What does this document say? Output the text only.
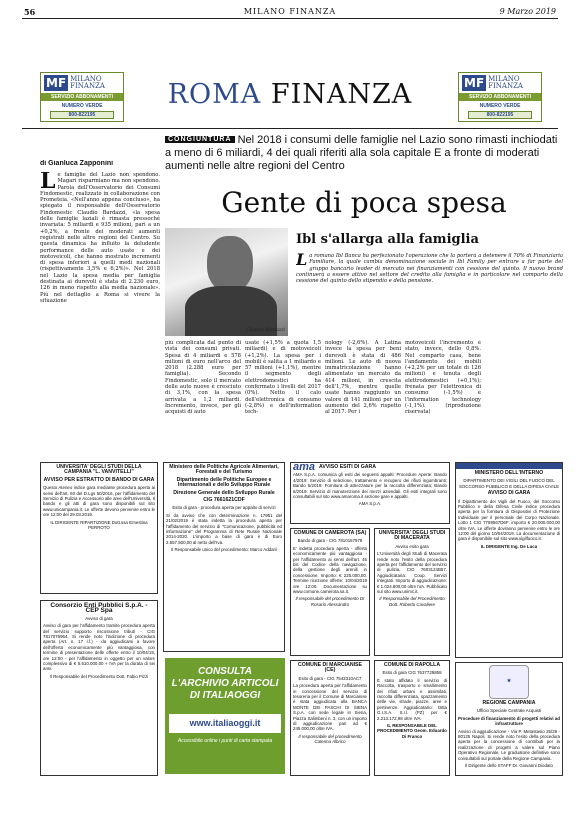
56	MILANO FINANZA	9 Marzo 2019
MF MILANO
FINANZA
SERVIZIO ABBONAMENTI
NUMERO VERDE
800-822195
MF MILANO
FINANZA
SERVIZIO ABBONAMENTI
NUMERO VERDE
800-822195
ROMA FINANZA
CONGIUNTURA Nel 2018 i consumi delle famiglie nel Lazio sono rimasti inchiodati a meno di 6 miliardi, 4 dei quali riferiti alla sola capitale E a fronte di moderati aumenti nelle altre regioni del Centro
Gente di poca spesa
di Gianluca Zapponini
Le famiglie del Lazio non spendono. Magari risparmiano ma non spendono. Parola dell'Osservatorio dei Consumi Findomestic, realizzato in collaborazione con Prometeia. «Nell'anno appena concluso», ha spiegato il responsabile dell'Osservatorio Findomestic Claudio Bardazzi, «la spesa delle famiglie laziali è rimasta pressoché invariata: 5 miliardi e 935 milioni, pari a un +0,2%, a fronte dei moderati aumenti registrati nelle altre regioni del Centro. Su questa dinamica ha influito la deludente performance delle auto usate e dei motoveicoli, che hanno mostrato incrementi di spesa inferiori a quelli medi nazionali (rispettivamente 3,5% e 6,2%)». Nel 2018 nel Lazio la spesa media per famiglia destinata ai durevoli è stata di 2.230 euro, 126 in meno rispetto alla media nazionale». Più nel dettaglio a Roma si vivere la situazione
Claudio Bardazzi
Ibl s'allarga alla famiglia
La romana Ibl Banca ha perfezionato l'operazione che la porterà a detenere il 70% di Finanziaria Familiare, la quale cambia denominazione sociale in Ibl Family per entrare a far parte del gruppo bancario leader di mercato nei finanziamenti con cessione del quinto. Il nuovo brand continuerà a essere attivo nel settore del credito alla famiglia e in particolare nel comparto della cessione del quinto dello stipendio e della pensione.
più complicata dal punto di vista dei consumi privati. Spesa di 4 miliardi e 578 milioni di euro nell'arco del 2018 (2.288 euro per famiglia). Secondo Findomestic, solo il mercato delle auto nuove è cresciuto di 3,1%, con la spesa arrivata a 1,2 miliardi. Incremento, invece, per gli acquisti di auto
usate (+1,5% a quota 1,5 miliardi) e di motoveicoli (+1,2%). La spesa per i mobili è salita a 1 miliardo e 57 milioni (+1,1%), mentre il segmento degli elettrodomestici ha confermato i livelli del 2017 (0%). Netto il calo dell'elettronica di consumo (-2,8%) e dell'information tech-
nology (-2,6%). A Latina invece la spesa per beni durevoli è stata di 486 milioni. Le auto di nuova immatricolazione hanno alimentato un mercato da 414 milioni, in crescita dell'1,7%, mentre quelle usate hanno raggiunto un valore di 141 milioni per un aumento del 2,6% rispetto al 2017. Per i
motoveicoli l'incremento è stato, invece, dello 0,8%. Nel comparto casa, bene l'andamento dei mobili (+2,2% per un totale di 126 milioni) e tenuta degli elettrodomestici (+0,1%); frenata per l'elettronica di consumo (-1,5%) e l'information technology (-1,1%). (riproduzione riservata)
UNIVERSITA' DEGLI STUDI DELLA CAMPANIA "L. VANVITELLI"
AVVISO PER ESTRATTO DI BANDO DI GARA

Questo Ateneo indice gara mediante procedura aperta ai sensi dell'art. 60 del D.Lgs 50/2016, per l'affidamento del Servizio di Pulizia e Accessorio alle aree dell'Università. Il bando e gli atti di gara sono disponibili sul sito www.unicampania.it. Le offerte devono pervenire entro le ore 12:00 del 29.03.2019.

IL DIRIGENTE RIPARTIZIONE Dott.ssa Ernestina PERROTO

Ministero delle Politiche Agricole Alimentari, Forestali e del Turismo
Dipartimento delle Politiche Europee e Internazionali e dello Sviluppo Rurale
Direzione Generale dello Sviluppo Rurale
CIG 7661621CDF

Esito di gara - procedura aperta per appalto di servizi

Si da avviso che con determinazione n. 17951 del 21/02/2019 è stata indetta la procedura aperta per l'affidamento del servizio di "Comunicazione, pubblicità ed informazione" del Programma di Rete Rurale Nazionale 2014-2020. L'importo a base di gara è di Euro 2.657.500,00 al netto dell'Iva.

Il Responsabile unico del procedimento: Marco Addarii

Consorzio Enti Pubblici S.p.A. - CEP Spa

Avviso di gara

Avviso di gara per l'affidamento tramite procedura aperta del servizio supporto riscossione tributi - CIG 7817076964. Si rende noto l'indizione di procedura aperta (Art. n. 17 l.f.) - da aggiudicarsi a favore dell'offerta economicamente più vantaggiosa, con termine di presentazione delle offerte entro il 10/04/19, ore 12:00 - per l'affidamento in oggetto per un valore complessivo di € 5.610.000,00 + IVA per la durata di sei anni.

Il Responsabile del Procedimento Dott. Fabio Pizzi	CONSULTA L'ARCHIVIO ARTICOLI DI ITALIAOGGI
www.italiaoggi.it
Accessibile online i punti di carta stampata
ama AVVISO ESITI DI GARA

AMA S.p.A. comunica gli esiti dei seguenti appalti: Procedure Aperte: Bando 4/2019: Servizio di selezione, trattamento e recupero dei rifiuti ingombranti; Bando 5/2019: Fornitura di attrezzature per la raccolta differenziata; Bando 6/2019: Servizio di manutenzione dei mezzi aziendali. Gli esiti integrali sono consultabili sul sito www.amaroma.it sezione gare e appalti.

AMA S.p.A.

COMUNE DI CAMEROTA (SA)

Bando di gara - CIG 7810157978

E' indetta procedura aperta - offerta economicamente più vantaggiosa - per l'affidamento ai sensi dell'art. 45 bis del Codice della navigazione, della gestione degli arenili in concessione. Importo: € 225.000,00. Termine ricezione offerte: 10/04/2019 ore 12:00. Documentazione su www.comune.camerota.sa.it.

Il responsabile del procedimento Dr Rosario Alessandro

UNIVERSITA' DEGLI STUDI DI MACERATA

Avviso esito gara

L'Università degli Studi di Macerata rende noto l'esito della procedura aperta per l'affidamento del servizio di pulizia, CIG 7603124B57. Aggiudicataria: Coop. Servizi Integrati. Importo di aggiudicazione: € 1.024.800,00 oltre IVA. Pubblicato sul sito www.unimc.it.

Il Responsabile del Procedimento Dott. Roberto Cavaliere

COMUNE DI MARCIANISE (CE)

Esito di gara - CIG 7543310AC7

La procedura aperta per l'affidamento in concessione del servizio di tesoreria per il Comune di Marcianise è stata aggiudicata alla BANCA MONTE DEI PASCHI DI SIENA S.p.A. con sede legale in Siena, Piazza Salimbeni n. 3, con un importo di aggiudicazione pari ad € 245.000,00 oltre IVA.

Il responsabile del procedimento Caterina Albrico

COMUNE DI RAPOLLA

Esito di gara CIG 7637729858

È stato affidato il servizio di Raccolta, trasporto e smaltimento dei rifiuti urbani e assimilati, raccolta differenziata, spazzamento delle vie, strade, piazze, aree e pertinenze. Aggiudicatario: Ditta G.I.S.A. S.r.l. (PZ) per € 2.213.172,98 oltre IVA.

IL RESPONSABILE DEL PROCEDIMENTO Geom. Eduardo Di Franco

MINISTERO DELL'INTERNO

DIPARTIMENTO DEI VIGILI DEL FUOCO DEL SOCCORSO PUBBLICO E DELLA DIFESA CIVILE

AVVISO DI GARA

Il Dipartimento dei Vigili del Fuoco, del Soccorso Pubblico e della Difesa Civile indice procedura aperta per la fornitura di Dispositivi di Protezione Individuale per il personale del Corpo Nazionale. Lotto 1 CIG 7789567D6F: importo € 20.000.000,00 oltre IVA. Le offerte dovranno pervenire entro le ore 12:00 del giorno 10/04/2019. La documentazione di gara è disponibile sul sito www.vigilfuoco.it.

IL DIRIGENTE Ing. De Luca

★
REGIONE CAMPANIA

Ufficio Speciale Centrale Acquisti

Procedure di finanziamento di progetti relativi ad infrastrutture

Avviso di aggiudicazione - Via P. Metastasio 25/29 - 80125 Napoli. Si rende noto l'esito della procedura aperta per la concessione di contributi per la realizzazione di progetti a valere sul Piano Operativo Regionale. Le graduatorie definitive sono consultabili sul portale della Regione Campania.

Il Dirigente dello STAFF Dr. Giovanni Diodato
